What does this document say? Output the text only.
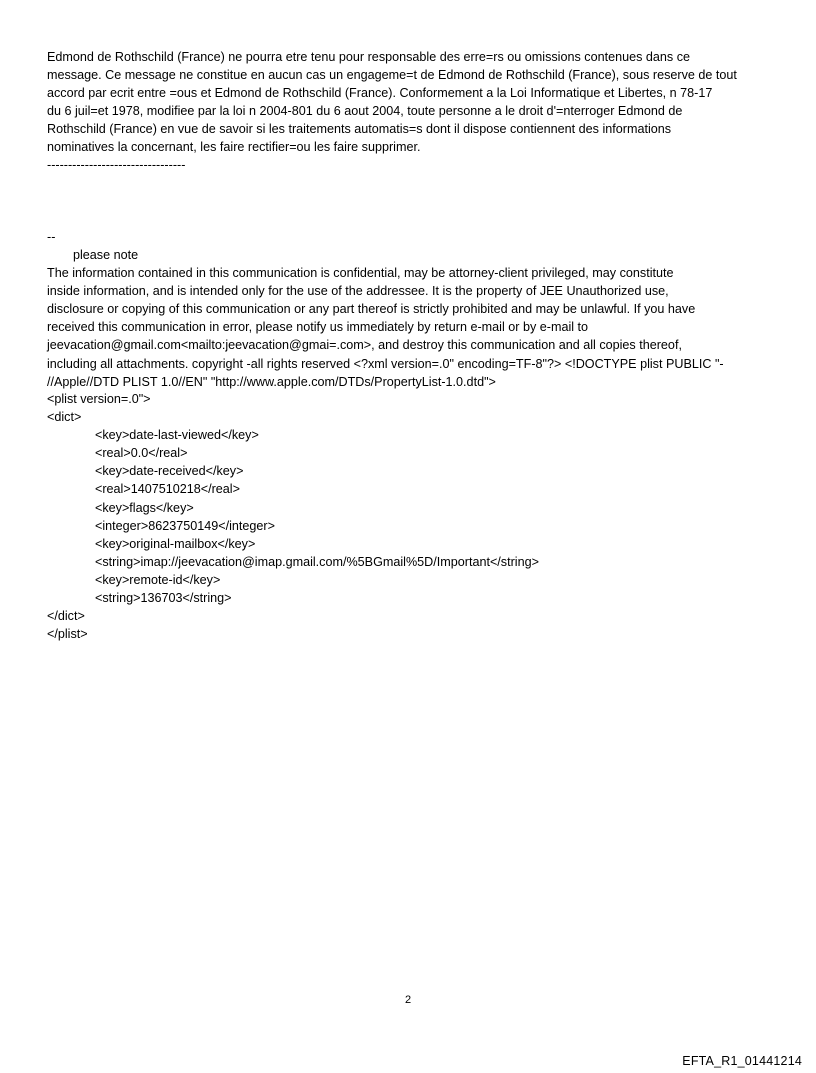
Edmond de Rothschild (France) ne pourra etre tenu pour responsable des erre=rs ou omissions contenues dans ce
message. Ce message ne constitue en aucun cas un engageme=t de Edmond de Rothschild (France), sous reserve de tout
accord par ecrit entre =ous et Edmond de Rothschild (France). Conformement a la Loi Informatique et Libertes, n 78-17
du 6 juil=et 1978, modifiee par la loi n 2004-801 du 6 aout 2004, toute personne a le droit d'=nterroger Edmond de
Rothschild (France) en vue de savoir si les traitements automatis=s dont il dispose contiennent des informations
nominatives la concernant, les faire rectifier=ou les faire supprimer.
---------------------------------
--
please note
The information contained in this communication is confidential, may be attorney-client privileged, may constitute
inside information, and is intended only for the use of the addressee. It is the property of JEE Unauthorized use,
disclosure or copying of this communication or any part thereof is strictly prohibited and may be unlawful. If you have
received this communication in error, please notify us immediately by return e-mail or by e-mail to
jeevacation@gmail.com<mailto:jeevacation@gmai=.com>, and destroy this communication and all copies thereof,
including all attachments. copyright -all rights reserved <?xml version=.0" encoding=TF-8"?> <!DOCTYPE plist PUBLIC "-
//Apple//DTD PLIST 1.0//EN" "http://www.apple.com/DTDs/PropertyList-1.0.dtd">
<plist version=.0">
<dict>
<key>date-last-viewed</key>
<real>0.0</real>
<key>date-received</key>
<real>1407510218</real>
<key>flags</key>
<integer>8623750149</integer>
<key>original-mailbox</key>
<string>imap://jeevacation@imap.gmail.com/%5BGmail%5D/Important</string>
<key>remote-id</key>
<string>136703</string>
</dict>
</plist>
2
EFTA_R1_01441214
